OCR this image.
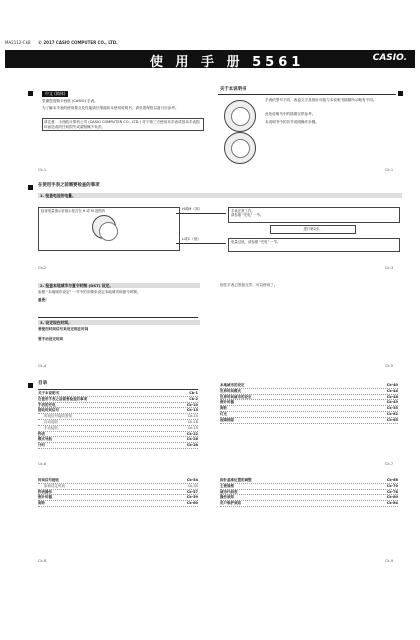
MA2112-CkB © 2017 CASIO COMPUTER CO., LTD.
使 用 手 册 5561	CASIO.
中文 (简体)
衷谢您选购卡西欧 (CASIO) 手表。
为了解本手表的使用要点及性能请仔细阅读本使用说明书，请妥善保管以备日后参考。
请注意：卡西欧计算机公司 (CASIO COMPUTER CO., LTD.) 对于第三方使用本手表或因本手表损坏而造成的任何损失或索赔概不负责。
Ck-1
关于本说明书
手表依型号不同，表盘文字及指针可能与本说明书插图所示略有不同。
此处说明书中的插图仅供参考。
本说明书中的各节说明操作步骤。
Ck-1
在使用手表之前需要检查的事项
1. 检查电池的电量。
检查电量指示针指示是否在 H 或 M 范围内	H或M（高）
L或C（低）
手表正常工作。
请参照 "充电" 一节。
进行第2步。
电量过低。请参照 "充电" 一节。
Ck-2	Ck-3
2. 检查本地城市与夏令时制 (DST) 设定。
参照 "本地城市设定" 一节中的步骤来设定本地城市和夏令时制。
重要！
3. 设定现在时间。
要使用时间信号来设定现在时间
要手动设定时间
现在手表已准备完毕，可以使用了。
Ck-4	Ck-5
目录
关于本说明书	Ck-1
在使用手表之前需要检查的事项	Ck-2
手表的充电	Ck-10
接收时间信号	Ck-13
时间信号接收需知	Ck-15
自动接收	Ck-18
手动接收	Ck-19
秒表	Ck-22
模式导航	Ck-26
计时	Ck-28
Ck-6
本地城市的设定	Ck-40
世界时间模式	Ck-44
世界时间城市的设定	Ck-48
倒计时器	Ck-49
闹铃	Ck-55
灯光	Ck-62
故障排除	Ck-65
Ck-7
时间信号接收	Ck-54
如何设定时间	Ck-55
秒表操作	Ck-57
倒计时器	Ck-59
闹铃	Ck-60
Ck-8
指针基准位置的调整	Ck-68
主要规格	Ck-70
城市代码表	Ck-76
操作须知	Ck-80
用户维护须知	Ck-84
Ck-9
